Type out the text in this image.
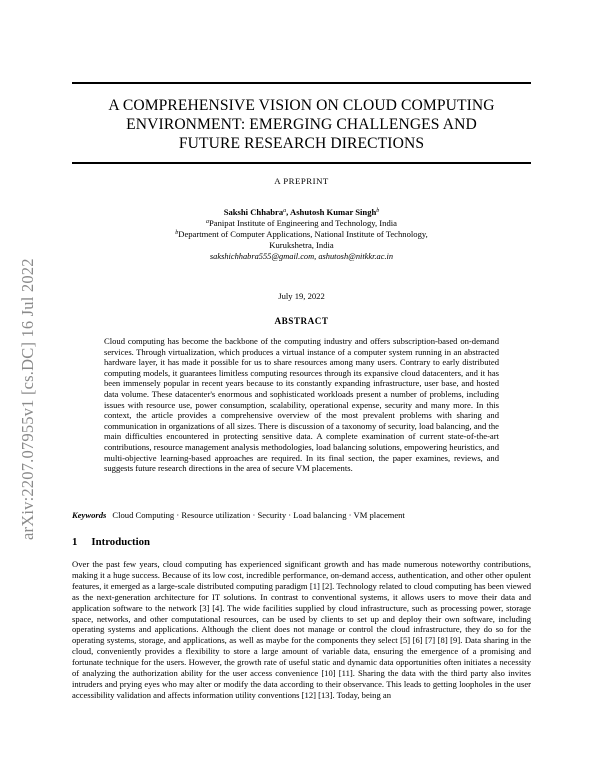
arXiv:2207.07955v1 [cs.DC] 16 Jul 2022
A COMPREHENSIVE VISION ON CLOUD COMPUTING
ENVIRONMENT: EMERGING CHALLENGES AND
FUTURE RESEARCH DIRECTIONS
A PREPRINT
Sakshi Chhabra$^a$, Ashutosh Kumar Singh$^b$
$^a$Panipat Institute of Engineering and Technology, India
$^b$Department of Computer Applications, National Institute of Technology,
Kurukshetra, India
sakshichhabra555@gmail.com, ashutosh@nitkkr.ac.in
July 19, 2022
ABSTRACT
Cloud computing has become the backbone of the computing industry and offers subscription-based on-demand services. Through virtualization, which produces a virtual instance of a computer system running in an abstracted hardware layer, it has made it possible for us to share resources among many users. Contrary to early distributed computing models, it guarantees limitless computing resources through its expansive cloud datacenters, and it has been immensely popular in recent years because to its constantly expanding infrastructure, user base, and hosted data volume. These datacenter's enormous and sophisticated workloads present a number of problems, including issues with resource use, power consumption, scalability, operational expense, security and many more. In this context, the article provides a comprehensive overview of the most prevalent problems with sharing and communication in organizations of all sizes. There is discussion of a taxonomy of security, load balancing, and the main difficulties encountered in protecting sensitive data. A complete examination of current state-of-the-art contributions, resource management analysis methodologies, load balancing solutions, empowering heuristics, and multi-objective learning-based approaches are required. In its final section, the paper examines, reviews, and suggests future research directions in the area of secure VM placements.
Keywords Cloud Computing · Resource utilization · Security · Load balancing · VM placement
1 Introduction
Over the past few years, cloud computing has experienced significant growth and has made numerous noteworthy contributions, making it a huge success. Because of its low cost, incredible performance, on-demand access, authentication, and other other opulent features, it emerged as a large-scale distributed computing paradigm [1] [2]. Technology related to cloud computing has been viewed as the next-generation architecture for IT solutions. In contrast to conventional systems, it allows users to move their data and application software to the network [3] [4]. The wide facilities supplied by cloud infrastructure, such as processing power, storage space, networks, and other computational resources, can be used by clients to set up and deploy their own software, including operating systems and applications. Although the client does not manage or control the cloud infrastructure, they do so for the operating systems, storage, and applications, as well as maybe for the components they select [5] [6] [7] [8] [9]. Data sharing in the cloud, conveniently provides a flexibility to store a large amount of variable data, ensuring the emergence of a promising and fortunate technique for the users. However, the growth rate of useful static and dynamic data opportunities often initiates a necessity of analyzing the authorization ability for the user access convenience [10] [11]. Sharing the data with the third party also invites intruders and prying eyes who may alter or modify the data according to their observance. This leads to getting loopholes in the user accessibility validation and affects information utility conventions [12] [13]. Today, being an
